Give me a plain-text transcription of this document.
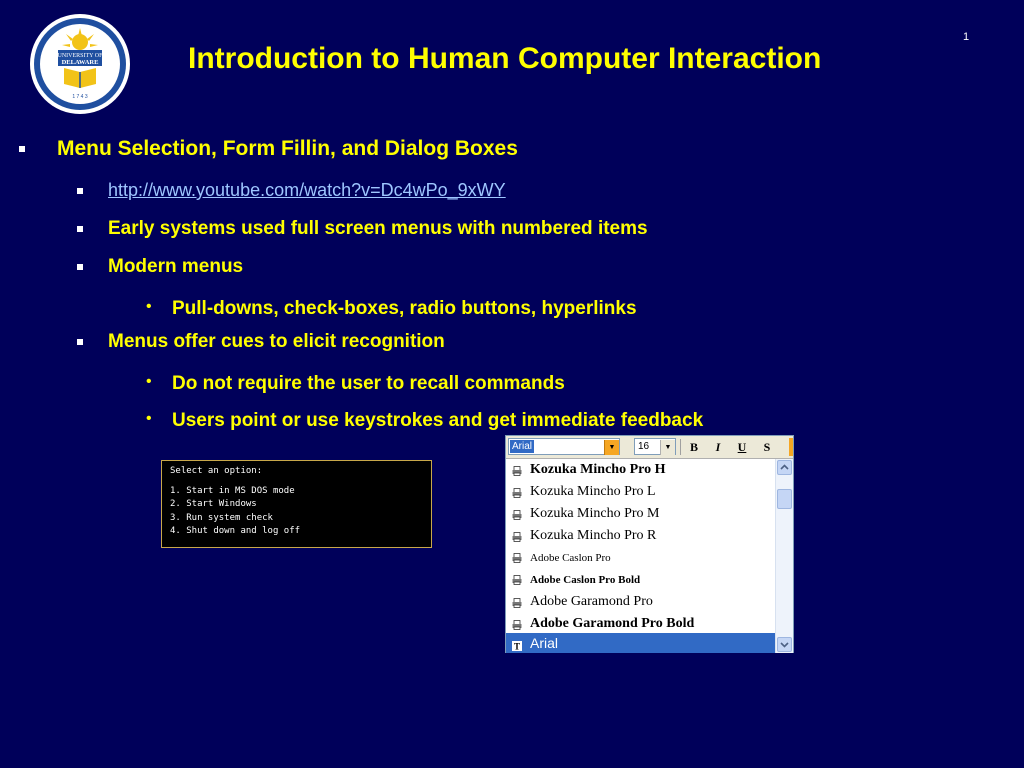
UNIVERSITY OF
DELAWARE
1 7 4 3
Introduction to Human Computer Interaction
1
Menu Selection, Form Fillin, and Dialog Boxes
http://www.youtube.com/watch?v=Dc4wPo_9xWY
Early systems used full screen menus with numbered items
Modern menus
• Pull-downs, check-boxes, radio buttons, hyperlinks
Menus offer cues to elicit recognition
• Do not require the user to recall commands
• Users point or use keystrokes and get immediate feedback
Select an option:
1. Start in MS DOS mode
2. Start Windows
3. Run system check
4. Shut down and log off
Arial	▼	16	▼	B	I	U	S
Kozuka Mincho Pro H
Kozuka Mincho Pro L
Kozuka Mincho Pro M
Kozuka Mincho Pro R
Adobe Caslon Pro
Adobe Caslon Pro Bold
Adobe Garamond Pro
Adobe Garamond Pro Bold
T Arial
